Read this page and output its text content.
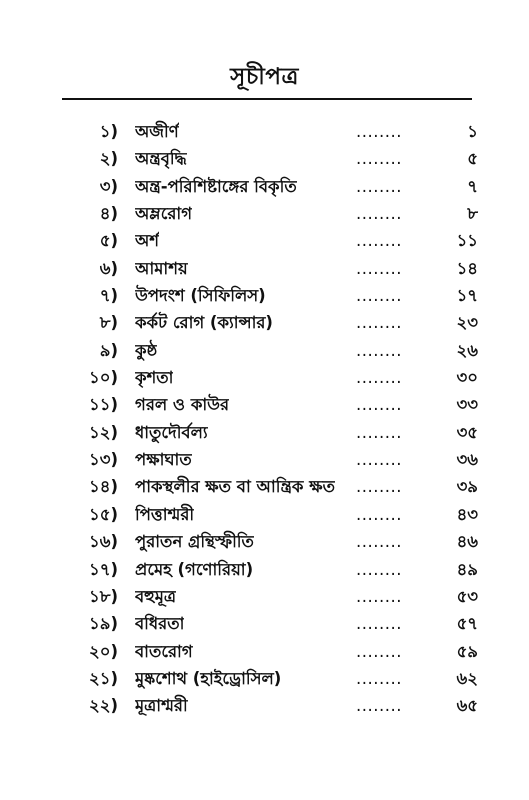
সূচীপত্র
১) অজীর্ণ	........	১
২) অন্ত্রবৃদ্ধি	........	৫
৩) অন্ত্র-পরিশিষ্টাঙ্গের বিকৃতি	........	৭
৪) অম্লরোগ	........	৮
৫) অর্শ	........	১১
৬) আমাশয়	........	১৪
৭) উপদংশ (সিফিলিস)	........	১৭
৮) কর্কট রোগ (ক্যান্সার)	........	২৩
৯) কুষ্ঠ	........	২৬
১০) কৃশতা	........	৩০
১১) গরল ও কাউর	........	৩৩
১২) ধাতুদৌর্বল্য	........	৩৫
১৩) পক্ষাঘাত	........	৩৬
১৪) পাকস্থলীর ক্ষত বা আন্ত্রিক ক্ষত ........	৩৯
১৫) পিত্তাশ্মরী	........	৪৩
১৬) পুরাতন গ্রন্থিস্ফীতি	........	৪৬
১৭) প্রমেহ (গণোরিয়া)	........	৪৯
১৮) বহুমূত্র	........	৫৩
১৯) বধিরতা	........	৫৭
২০) বাতরোগ	........	৫৯
২১) মুষ্কশোথ (হাইড্রোসিল)	........	৬২
২২) মূত্রাশ্মরী	........	৬৫
